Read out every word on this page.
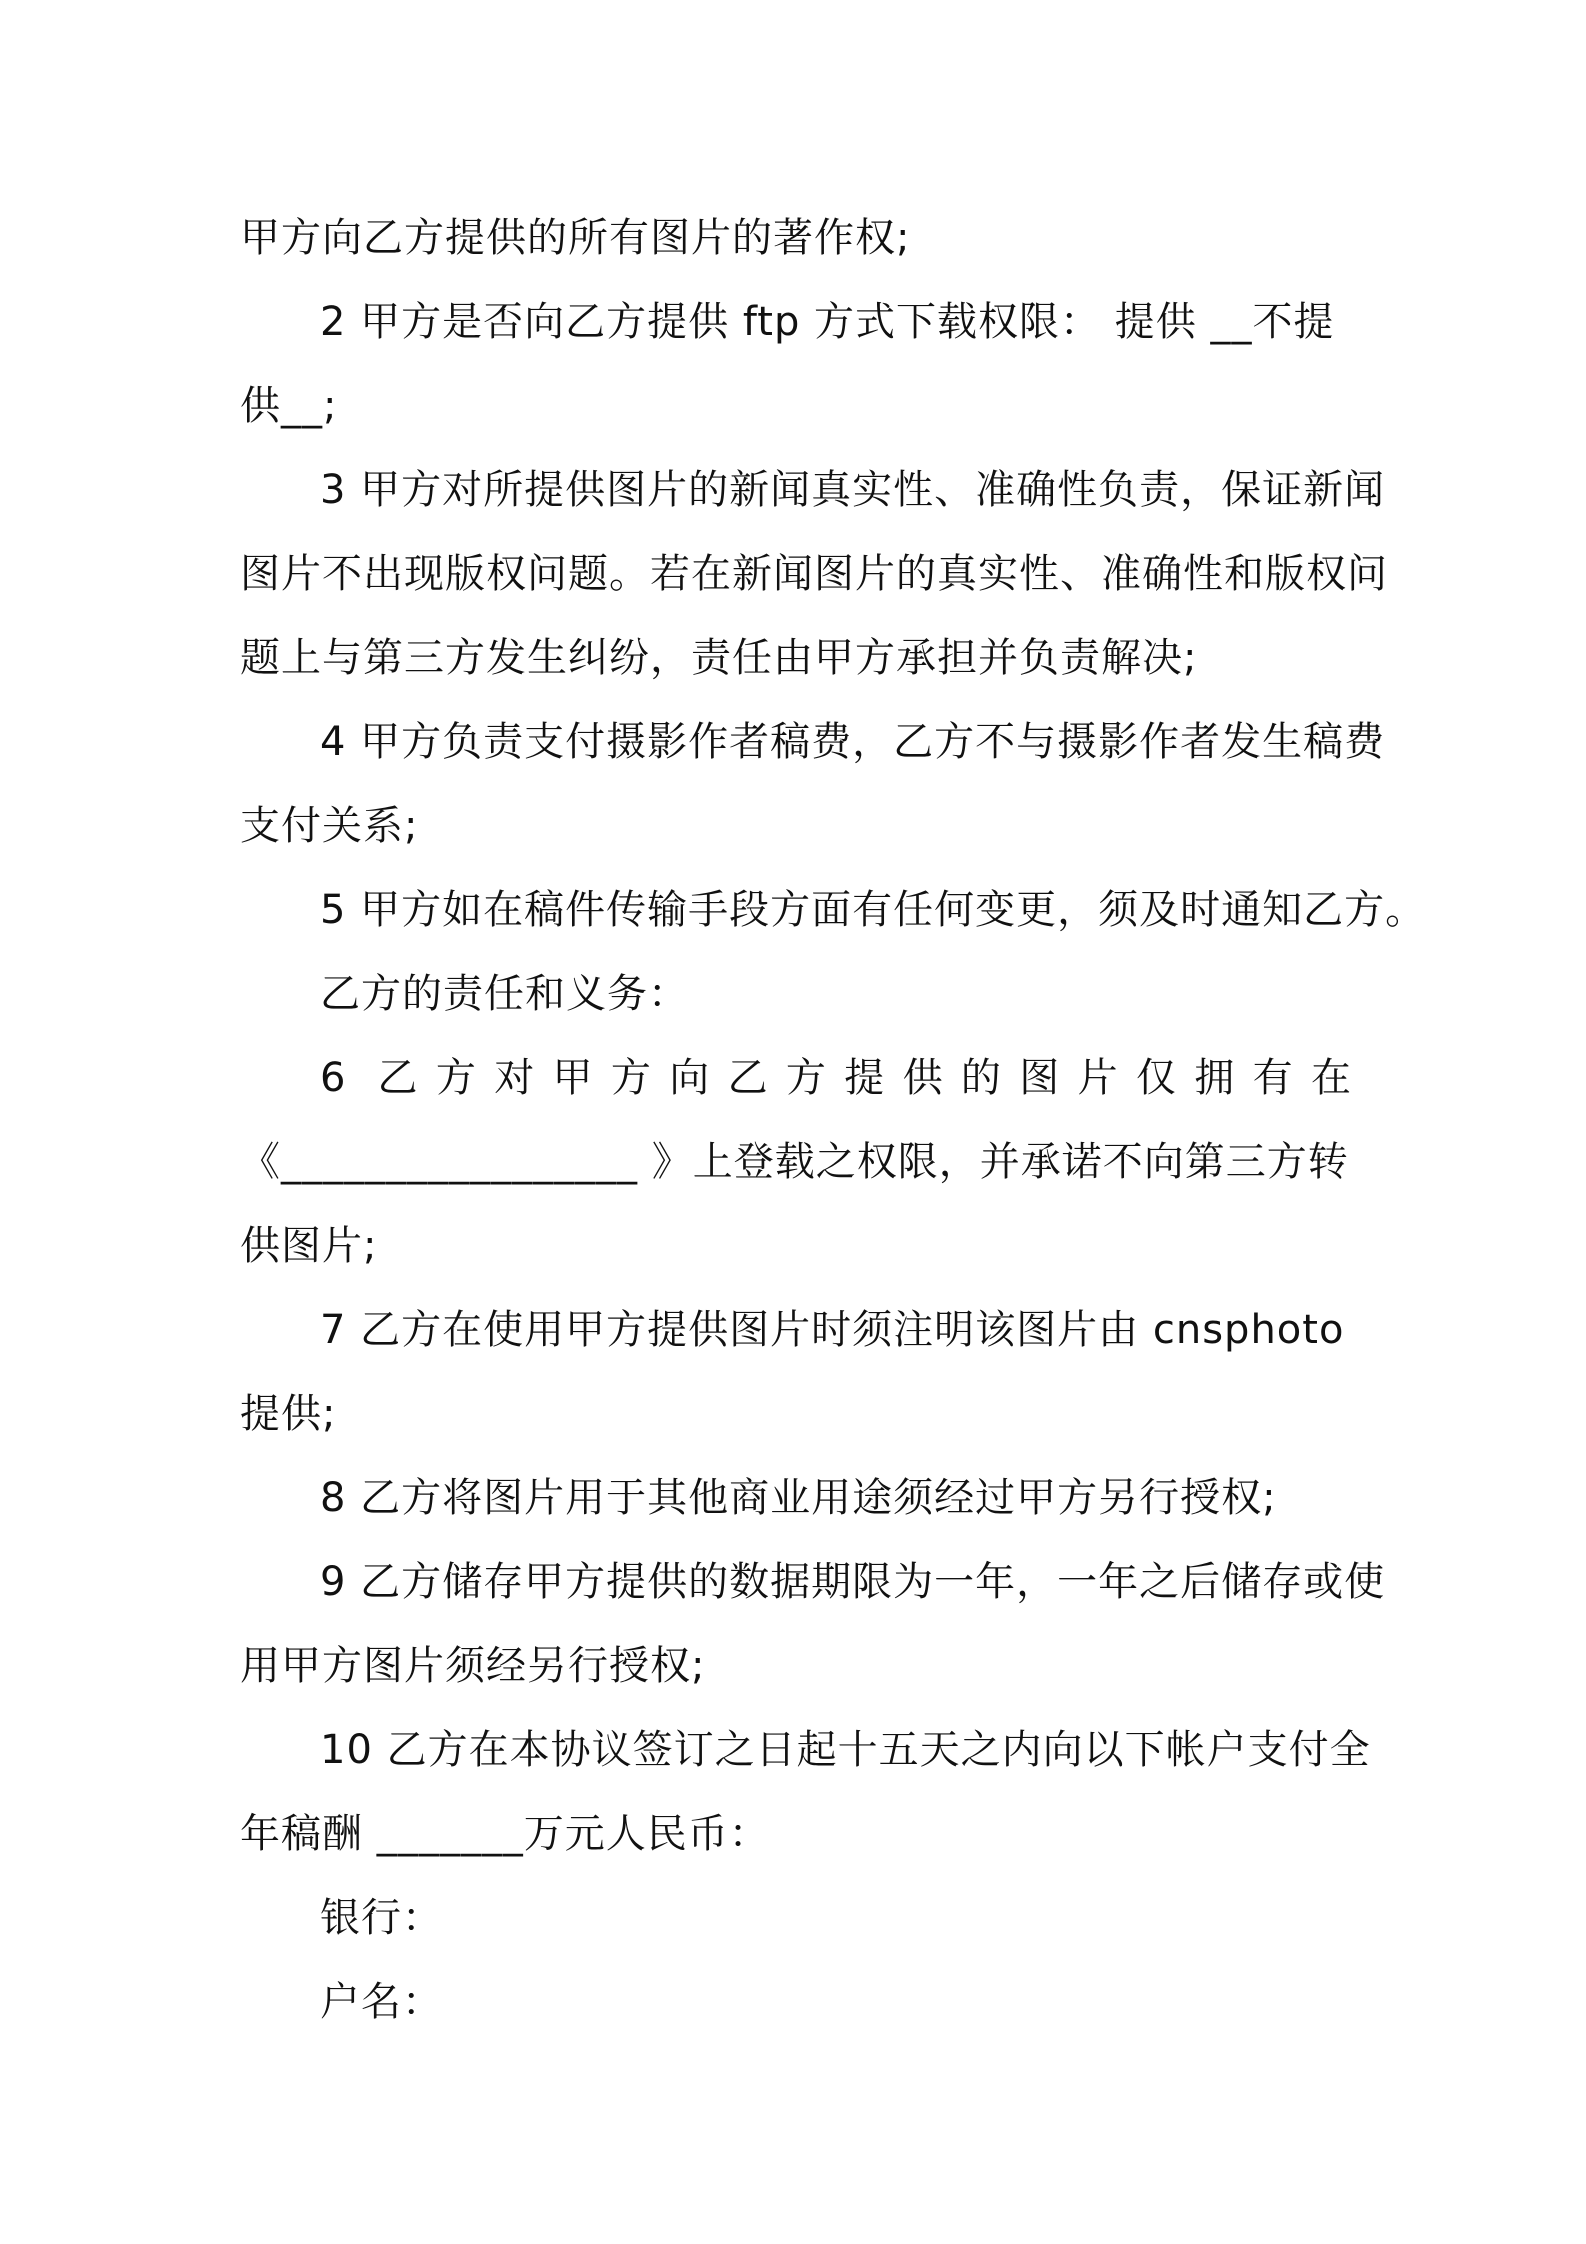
甲方向乙方提供的所有图片的著作权;
2 甲方是否向乙方提供 ftp 方式下载权限： 提供 __不提
供__;
3 甲方对所提供图片的新闻真实性、准确性负责，保证新闻
图片不出现版权问题。若在新闻图片的真实性、准确性和版权问
题上与第三方发生纠纷，责任由甲方承担并负责解决;
4 甲方负责支付摄影作者稿费，乙方不与摄影作者发生稿费
支付关系;
5 甲方如在稿件传输手段方面有任何变更，须及时通知乙方。
乙方的责任和义务：
6 乙方对甲方向乙方提供的图片仅拥有在
《_________________ 》上登载之权限，并承诺不向第三方转
供图片;
7 乙方在使用甲方提供图片时须注明该图片由 cnsphoto
提供;
8 乙方将图片用于其他商业用途须经过甲方另行授权;
9 乙方储存甲方提供的数据期限为一年，一年之后储存或使
用甲方图片须经另行授权;
10 乙方在本协议签订之日起十五天之内向以下帐户支付全
年稿酬 _______万元人民币：
银行：
户名：
